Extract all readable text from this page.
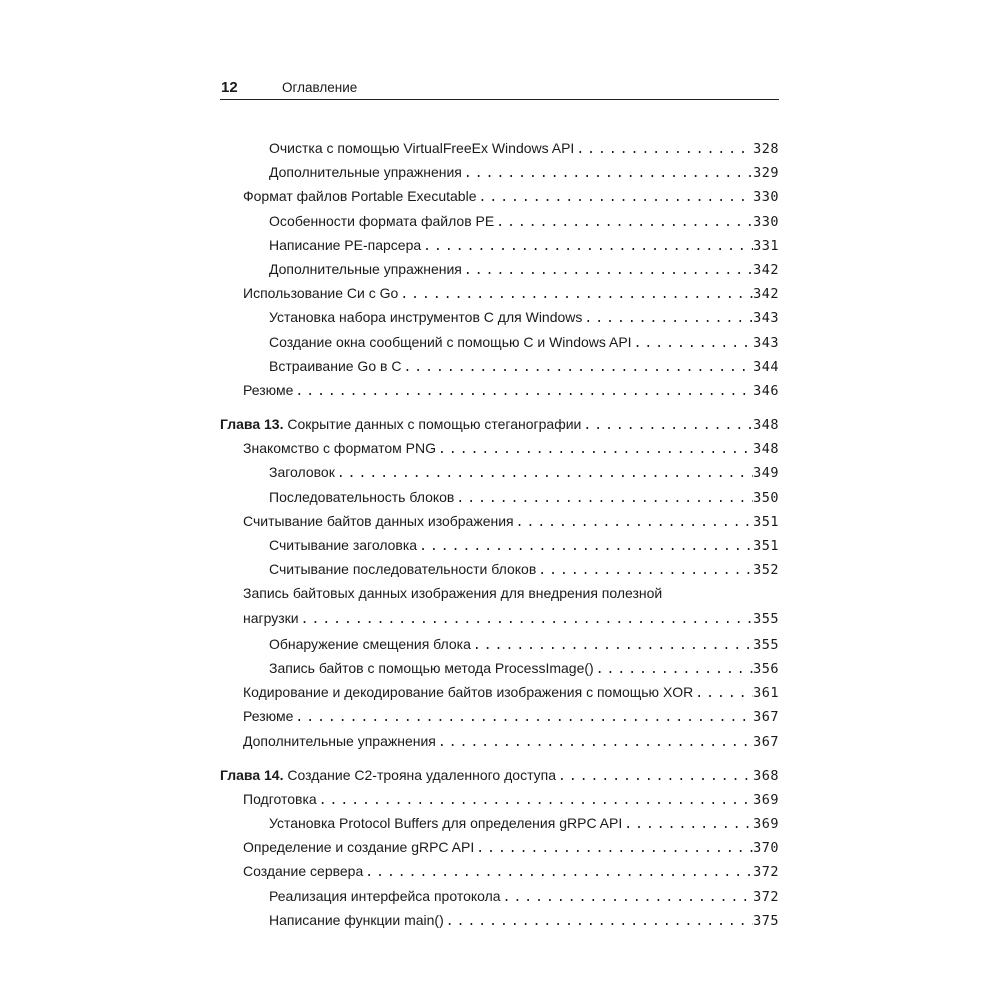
12	Оглавление
Очистка с помощью VirtualFreeEx Windows API . . .	328
Дополнительные упражнения . . .	329
Формат файлов Portable Executable . . .	330
Особенности формата файлов PE . . .	330
Написание PE-парсера . . .	331
Дополнительные упражнения . . .	342
Использование Си с Go . . .	342
Установка набора инструментов C для Windows . . .	343
Создание окна сообщений с помощью C и Windows API . . .	343
Встраивание Go в C . . .	344
Резюме . . .	346
Глава 13. Сокрытие данных с помощью стеганографии . . .	348
Знакомство с форматом PNG . . .	348
Заголовок . . .	349
Последовательность блоков . . .	350
Считывание байтов данных изображения . . .	351
Считывание заголовка . . .	351
Считывание последовательности блоков . . .	352
Запись байтовых данных изображения для внедрения полезной
нагрузки . . .	355
Обнаружение смещения блока . . .	355
Запись байтов с помощью метода ProcessImage() . . .	356
Кодирование и декодирование байтов изображения с помощью XOR . . .	361
Резюме . . .	367
Дополнительные упражнения . . .	367
Глава 14. Создание C2-трояна удаленного доступа . . .	368
Подготовка . . .	369
Установка Protocol Buffers для определения gRPC API . . .	369
Определение и создание gRPC API . . .	370
Создание сервера . . .	372
Реализация интерфейса протокола . . .	372
Написание функции main() . . .	375
